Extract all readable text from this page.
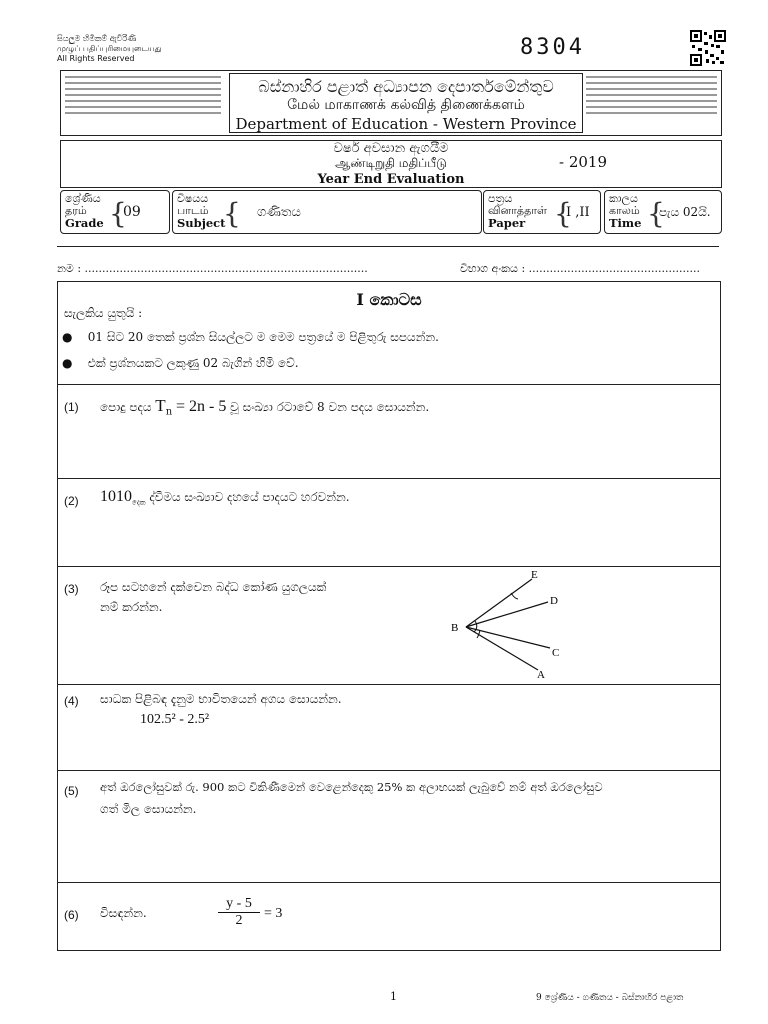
සියලුම හිමිකම් ඇවිරිණි
முழுப் பதிப்புரிமையுடையது
All Rights Reserved	8304
බස්නාහිර පළාත් අධ්‍යාපන දෙපාර්තමේන්තුව
மேல் மாகாணக் கல்வித் திணைக்களம்
Department of Education - Western Province
වර්ෂ අවසාන ඇගයීම
ஆண்டிறுதி மதிப்பீடு
Year End Evaluation
- 2019
ශ්‍රේණිය
தரம்
Grade {
09
විෂයය
பாடம்
Subject
{ ගණිතය
පත්‍රය
வினாத்தாள்
Paper	{
I ,II
කාලය
காலம்
Time {
පැය 02යි.
නම : .................................................................................	විභාග අංකය : .................................................
I කොටස
සැලකිය යුතුයි :
●    01 සිට 20 තෙක් ප්‍රශ්න සියල්ලට ම මෙම පත්‍රයේ ම පිළිතුරු සපයන්න.
●    එක් ප්‍රශ්නයකට ලකුණු 02 බැගින් හිමි වේ.
(1) පොදු පදය $T_n = 2n - 5$ වූ සංඛ්‍යා රටාවේ 8 වන පදය සොයන්න.
(2) $1010_{දෙක}$ ද්වීමය සංඛ්‍යාව දහයේ පාදයට හරවන්න.
(3) රූප සටහනේ දක්වෙන බද්ධ කෝණ යුගලයක්
නම් කරන්න.
E
D
B
C
A
(4) සාධක පිළිබඳ දැනුම භාවිතයෙන් අගය සොයන්න.
102.5² - 2.5²
(5) අත් ඔරලෝසුවක් රු. 900 කට විකිණීමෙන් වෙළෙන්දෙකු 25% ක අලාභයක් ලැබුවේ නම් අත් ඔරලෝසුව
ගත් මිල සොයන්න.
(6) විසඳන්න.
y - 5
2	= 3
1	9 ශ්‍රේණිය - ගණිතය - බස්නාහිර පළාත
